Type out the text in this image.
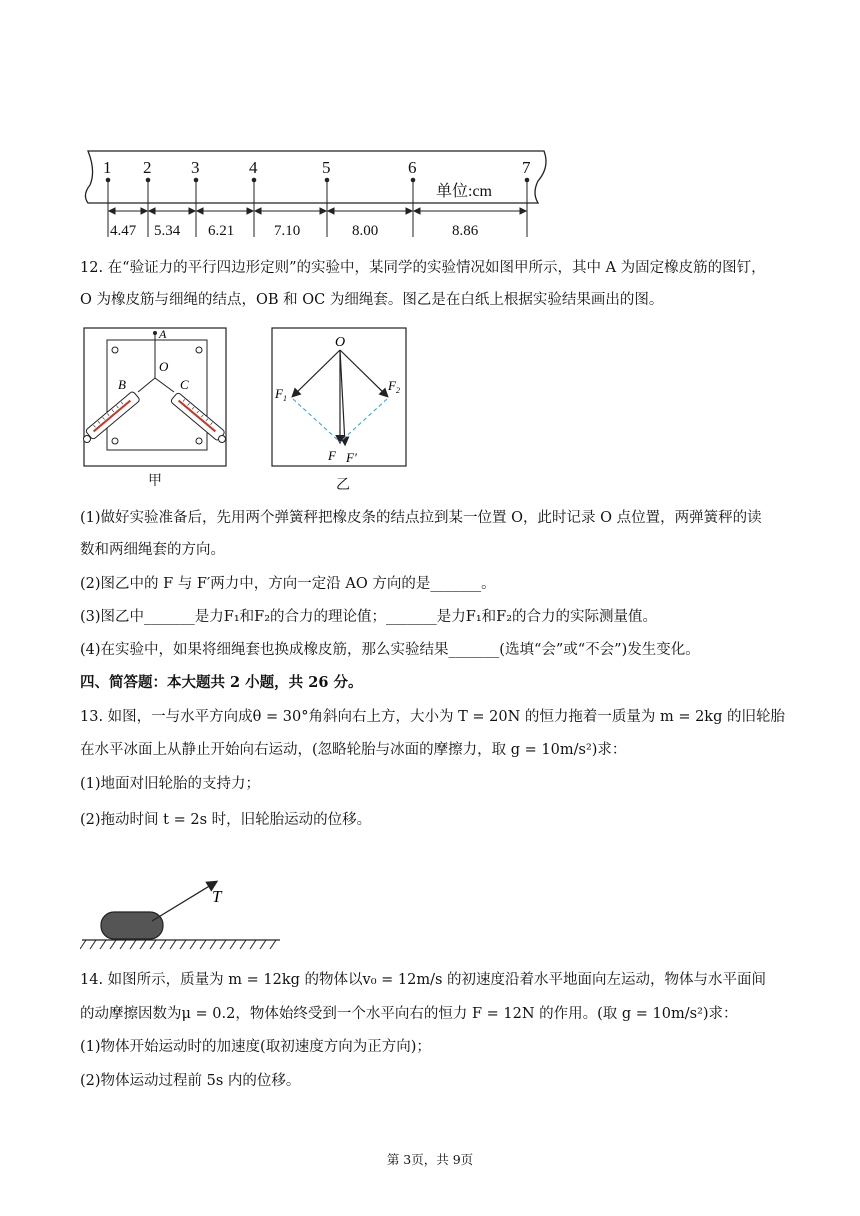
1 2 3	4	5	6	7
单位:cm
4.47 5.34 6.21	7.10	8.00	8.86
12. 在“验证力的平行四边形定则”的实验中，某同学的实验情况如图甲所示，其中 A 为固定橡皮筋的图钉，
O 为橡皮筋与细绳的结点，OB 和 OC 为细绳套。图乙是在白纸上根据实验结果画出的图。
A
O
B	C
甲
O
$F_1$
$F_2$
F F′
乙
(1)做好实验准备后，先用两个弹簧秤把橡皮条的结点拉到某一位置 O，此时记录 O 点位置，两弹簧秤的读
数和两细绳套的方向。
(2)图乙中的 F 与 F′两力中，方向一定沿 AO 方向的是_______。
(3)图乙中_______是力F₁和F₂的合力的理论值；_______是力F₁和F₂的合力的实际测量值。
(4)在实验中，如果将细绳套也换成橡皮筋，那么实验结果_______(选填“会”或“不会”)发生变化。
四、简答题：本大题共 2 小题，共 26 分。
13. 如图，一与水平方向成θ = 30°角斜向右上方，大小为 T = 20N 的恒力拖着一质量为 m = 2kg 的旧轮胎
在水平冰面上从静止开始向右运动，(忽略轮胎与冰面的摩擦力，取 g = 10m/s²)求：
(1)地面对旧轮胎的支持力；
(2)拖动时间 t = 2s 时，旧轮胎运动的位移。
T
14. 如图所示，质量为 m = 12kg 的物体以v₀ = 12m/s 的初速度沿着水平地面向左运动，物体与水平面间
的动摩擦因数为μ = 0.2，物体始终受到一个水平向右的恒力 F = 12N 的作用。(取 g = 10m/s²)求：
(1)物体开始运动时的加速度(取初速度方向为正方向)；
(2)物体运动过程前 5s 内的位移。
第 3页，共 9页
